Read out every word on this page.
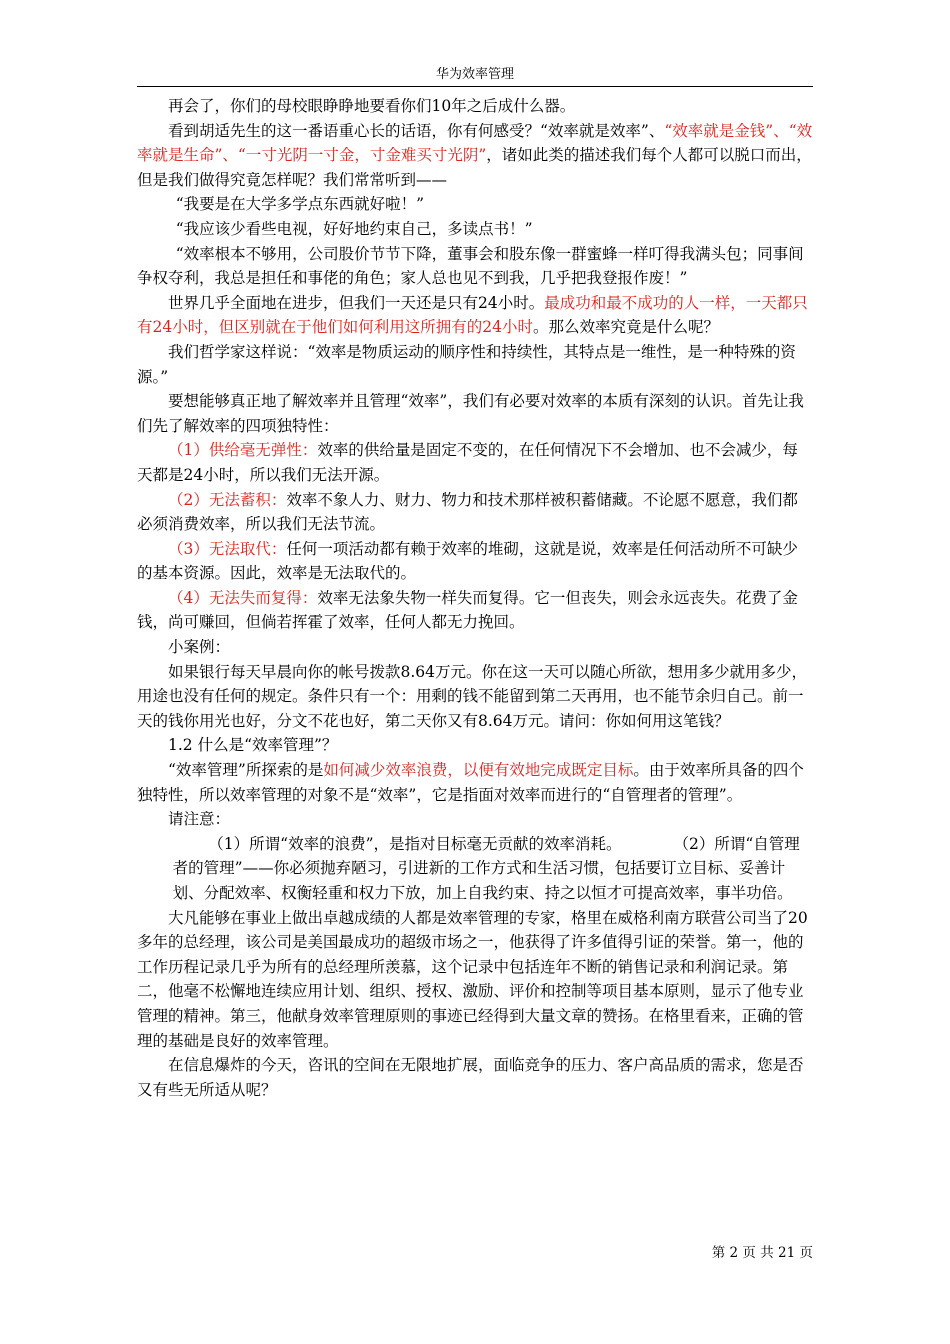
华为效率管理

再会了，你们的母校眼睁睁地要看你们10年之后成什么器。

看到胡适先生的这一番语重心长的话语，你有何感受？“效率就是效率”、“效率就是金钱”、“效率就是生命”、“一寸光阴一寸金，寸金难买寸光阴”，诸如此类的描述我们每个人都可以脱口而出，但是我们做得究竟怎样呢？我们常常听到——

“我要是在大学多学点东西就好啦！”

“我应该少看些电视，好好地约束自己，多读点书！”

“效率根本不够用，公司股价节节下降，董事会和股东像一群蜜蜂一样叮得我满头包；同事间争权夺利，我总是担任和事佬的角色；家人总也见不到我，几乎把我登报作废！”

世界几乎全面地在进步，但我们一天还是只有24小时。最成功和最不成功的人一样，一天都只有24小时，但区别就在于他们如何利用这所拥有的24小时。那么效率究竟是什么呢？

我们哲学家这样说：“效率是物质运动的顺序性和持续性，其特点是一维性，是一种特殊的资源。”

要想能够真正地了解效率并且管理“效率”，我们有必要对效率的本质有深刻的认识。首先让我们先了解效率的四项独特性：

（1）供给毫无弹性：效率的供给量是固定不变的，在任何情况下不会增加、也不会减少，每天都是24小时，所以我们无法开源。

（2）无法蓄积：效率不象人力、财力、物力和技术那样被积蓄储藏。不论愿不愿意，我们都必须消费效率，所以我们无法节流。

（3）无法取代：任何一项活动都有赖于效率的堆砌，这就是说，效率是任何活动所不可缺少的基本资源。因此，效率是无法取代的。

（4）无法失而复得：效率无法象失物一样失而复得。它一但丧失，则会永远丧失。花费了金钱，尚可赚回，但倘若挥霍了效率，任何人都无力挽回。

小案例：

如果银行每天早晨向你的帐号拨款8.64万元。你在这一天可以随心所欲，想用多少就用多少，用途也没有任何的规定。条件只有一个：用剩的钱不能留到第二天再用，也不能节余归自己。前一天的钱你用光也好，分文不花也好，第二天你又有8.64万元。请问：你如何用这笔钱？

1.2 什么是“效率管理”？

“效率管理”所探索的是如何减少效率浪费，以便有效地完成既定目标。由于效率所具备的四个独特性，所以效率管理的对象不是“效率”，它是指面对效率而进行的“自管理者的管理”。

请注意：

（1）所谓“效率的浪费”，是指对目标毫无贡献的效率消耗。	（2）所谓“自管理者的管理”——你必须抛弃陋习，引进新的工作方式和生活习惯，包括要订立目标、妥善计划、分配效率、权衡轻重和权力下放，加上自我约束、持之以恒才可提高效率，事半功倍。

大凡能够在事业上做出卓越成绩的人都是效率管理的专家，格里在威格利南方联营公司当了20多年的总经理，该公司是美国最成功的超级市场之一，他获得了许多值得引证的荣誉。第一，他的工作历程记录几乎为所有的总经理所羡慕，这个记录中包括连年不断的销售记录和利润记录。第二，他毫不松懈地连续应用计划、组织、授权、激励、评价和控制等项目基本原则，显示了他专业管理的精神。第三，他献身效率管理原则的事迹已经得到大量文章的赞扬。在格里看来，正确的管理的基础是良好的效率管理。

在信息爆炸的今天，咨讯的空间在无限地扩展，面临竞争的压力、客户高品质的需求，您是否又有些无所适从呢？

第 2 页 共 21 页
